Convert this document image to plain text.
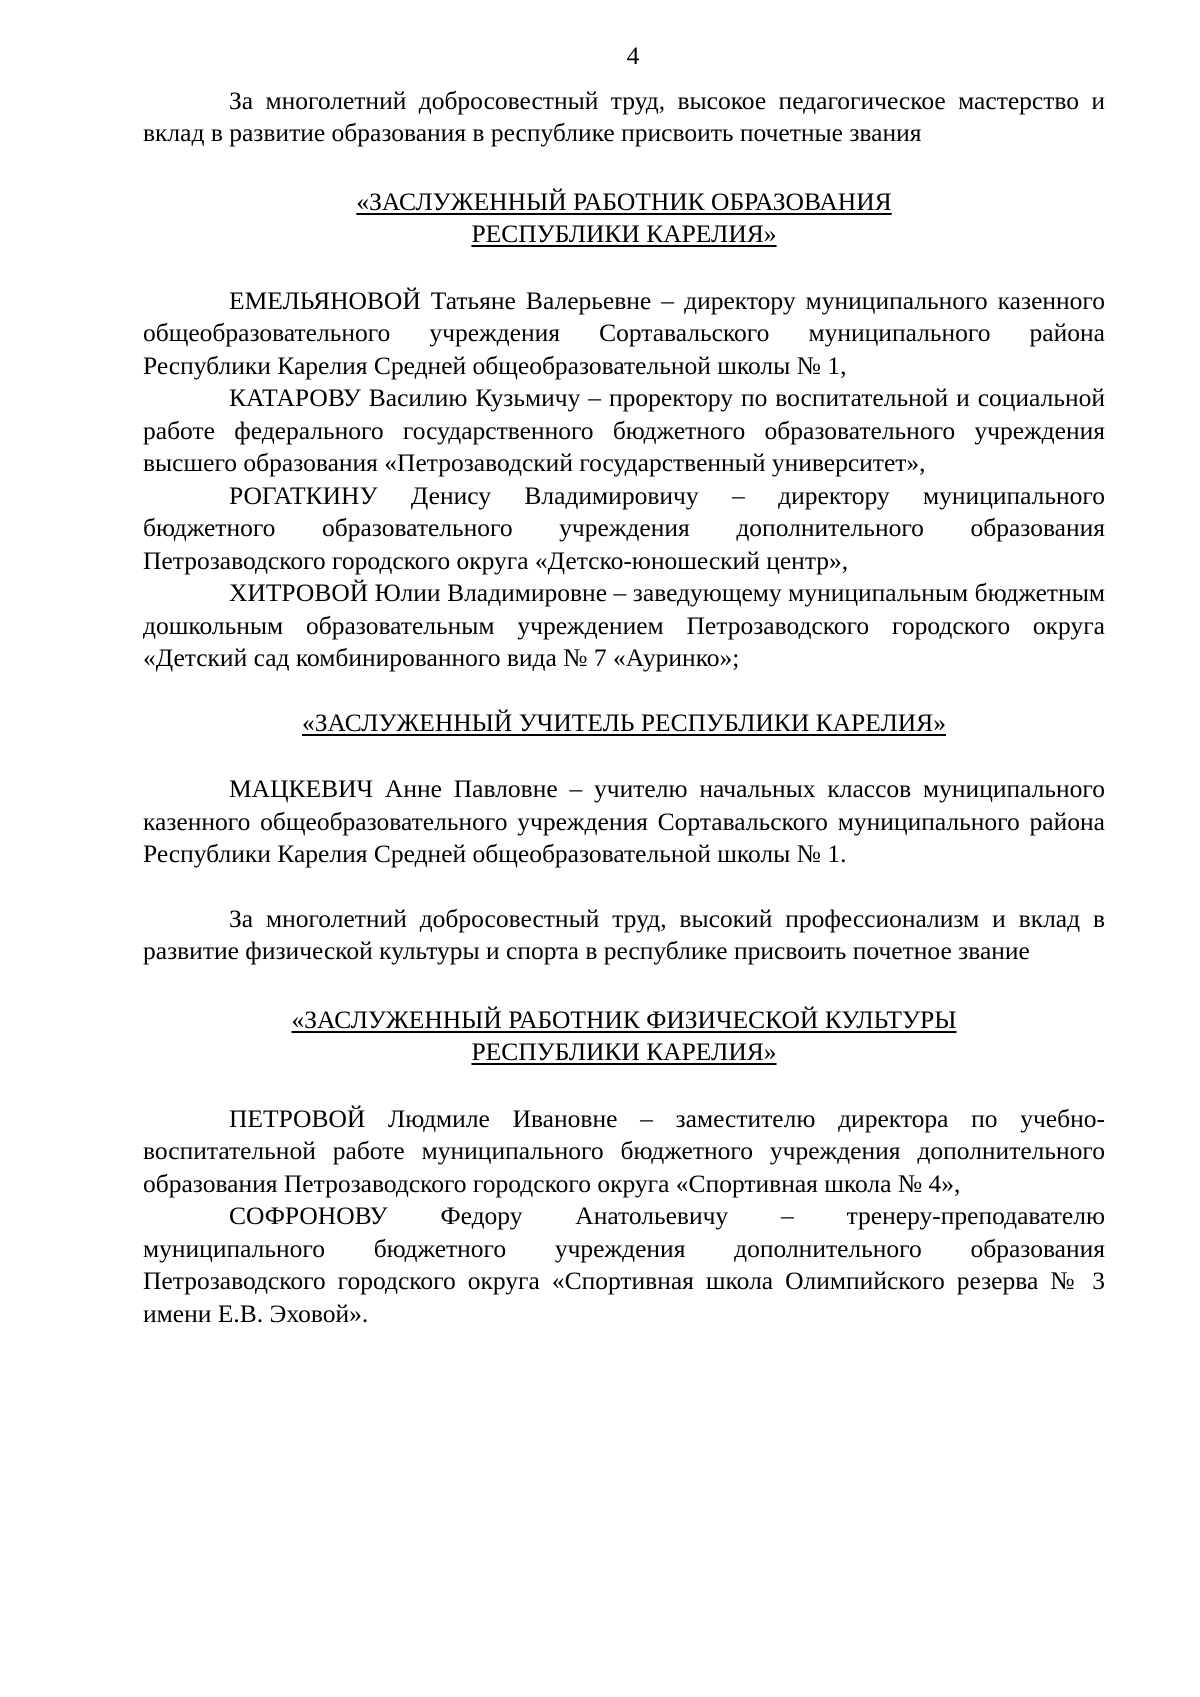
4

За многолетний добросовестный труд, высокое педагогическое мастерство и вклад в развитие образования в республике присвоить почетные звания

«ЗАСЛУЖЕННЫЙ РАБОТНИК ОБРАЗОВАНИЯ
РЕСПУБЛИКИ КАРЕЛИЯ»

ЕМЕЛЬЯНОВОЙ Татьяне Валерьевне – директору муниципального казенного общеобразовательного учреждения Сортавальского муниципального района Республики Карелия Средней общеобразовательной школы № 1,

КАТАРОВУ Василию Кузьмичу – проректору по воспитательной и социальной работе федерального государственного бюджетного образовательного учреждения высшего образования «Петрозаводский государственный университет»,

РОГАТКИНУ Денису Владимировичу – директору муниципального бюджетного образовательного учреждения дополнительного образования Петрозаводского городского округа «Детско-юношеский центр»,

ХИТРОВОЙ Юлии Владимировне – заведующему муниципальным бюджетным дошкольным образовательным учреждением Петрозаводского городского округа «Детский сад комбинированного вида № 7 «Ауринко»;

«ЗАСЛУЖЕННЫЙ УЧИТЕЛЬ РЕСПУБЛИКИ КАРЕЛИЯ»

МАЦКЕВИЧ Анне Павловне – учителю начальных классов муниципального казенного общеобразовательного учреждения Сортавальского муниципального района Республики Карелия Средней общеобразовательной школы № 1.

За многолетний добросовестный труд, высокий профессионализм и вклад в развитие физической культуры и спорта в республике присвоить почетное звание

«ЗАСЛУЖЕННЫЙ РАБОТНИК ФИЗИЧЕСКОЙ КУЛЬТУРЫ
РЕСПУБЛИКИ КАРЕЛИЯ»

ПЕТРОВОЙ Людмиле Ивановне – заместителю директора по учебно-воспитательной работе муниципального бюджетного учреждения дополнительного образования Петрозаводского городского округа «Спортивная школа № 4»,

СОФРОНОВУ Федору Анатольевичу – тренеру-преподавателю муниципального бюджетного учреждения дополнительного образования Петрозаводского городского округа «Спортивная школа Олимпийского резерва № 3 имени Е.В. Эховой».
